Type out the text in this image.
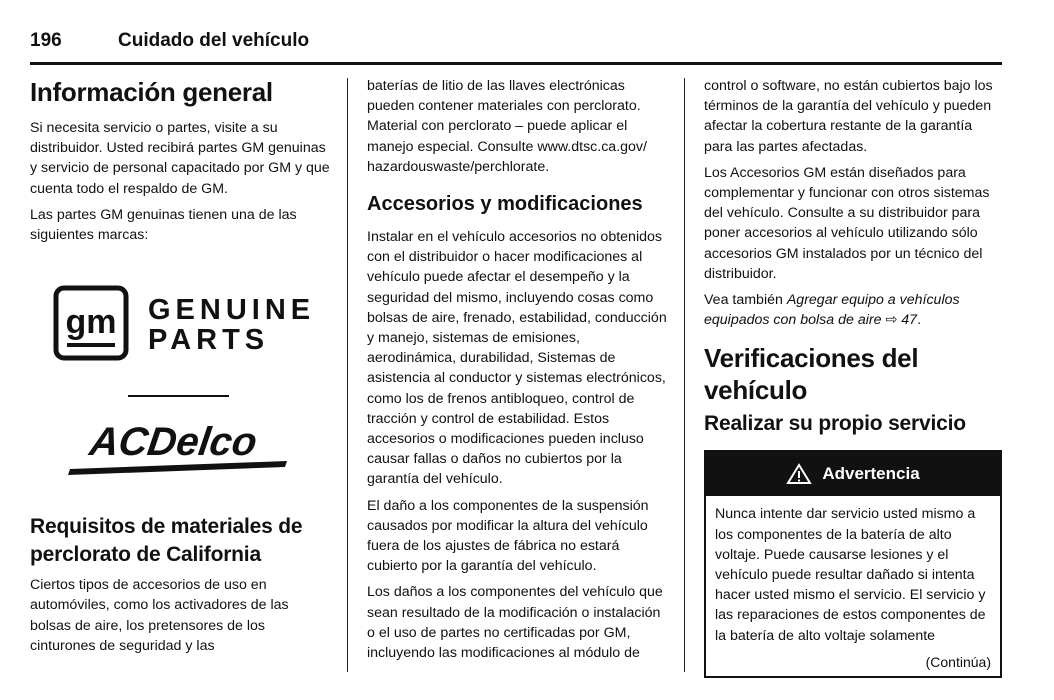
196	Cuidado del vehículo
Información general

Si necesita servicio o partes, visite a su distribuidor. Usted recibirá partes GM genuinas y servicio de personal capacitado por GM y que cuenta todo el respaldo de GM.

Las partes GM genuinas tienen una de las siguientes marcas:

gm GENUINE
PARTS
ACDelco
Requisitos de materiales de perclorato de California

Ciertos tipos de accesorios de uso en automóviles, como los activadores de las bolsas de aire, los pretensores de los cinturones de seguridad y las

baterías de litio de las llaves electrónicas pueden contener materiales con perclorato. Material con perclorato – puede aplicar el manejo especial. Consulte www.dtsc.ca.gov/ hazardouswaste/perchlorate.

Accesorios y modificaciones

Instalar en el vehículo accesorios no obtenidos con el distribuidor o hacer modificaciones al vehículo puede afectar el desempeño y la seguridad del mismo, incluyendo cosas como bolsas de aire, frenado, estabilidad, conducción y manejo, sistemas de emisiones, aerodinámica, durabilidad, Sistemas de asistencia al conductor y sistemas electrónicos, como los de frenos antibloqueo, control de tracción y control de estabilidad. Estos accesorios o modificaciones pueden incluso causar fallas o daños no cubiertos por la garantía del vehículo.

El daño a los componentes de la suspensión causados por modificar la altura del vehículo fuera de los ajustes de fábrica no estará cubierto por la garantía del vehículo.

Los daños a los componentes del vehículo que sean resultado de la modificación o instalación o el uso de partes no certificadas por GM, incluyendo las modificaciones al módulo de

control o software, no están cubiertos bajo los términos de la garantía del vehículo y pueden afectar la cobertura restante de la garantía para las partes afectadas.

Los Accesorios GM están diseñados para complementar y funcionar con otros sistemas del vehículo. Consulte a su distribuidor para poner accesorios al vehículo utilizando sólo accesorios GM instalados por un técnico del distribuidor.

Vea también Agregar equipo a vehículos equipados con bolsa de aire ⇨ 47.

Verificaciones del vehículo
Realizar su propio servicio
Advertencia
Nunca intente dar servicio usted mismo a los componentes de la batería de alto voltaje. Puede causarse lesiones y el vehículo puede resultar dañado si intenta hacer usted mismo el servicio. El servicio y las reparaciones de estos componentes de la batería de alto voltaje solamente
(Continúa)
